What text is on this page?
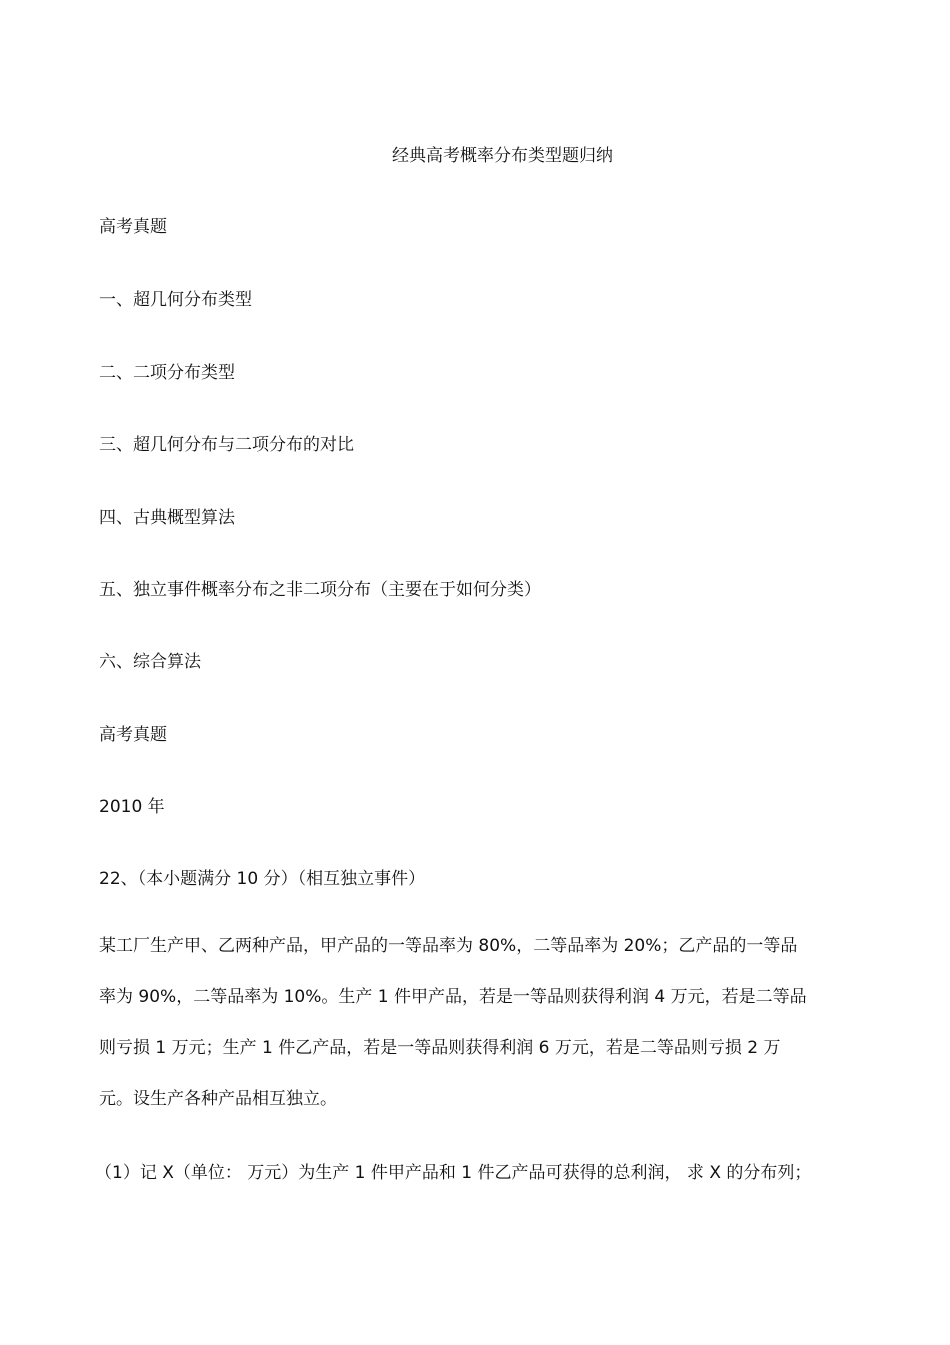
经典高考概率分布类型题归纳

高考真题

一、超几何分布类型

二、二项分布类型

三、超几何分布与二项分布的对比

四、古典概型算法

五、独立事件概率分布之非二项分布（主要在于如何分类）

六、综合算法

高考真题

2010 年

22、（本小题满分 10 分）（相互独立事件）

某工厂生产甲、乙两种产品，甲产品的一等品率为 80%，二等品率为 20%；乙产品的一等品
率为 90%，二等品率为 10%。生产 1 件甲产品，若是一等品则获得利润 4 万元，若是二等品
则亏损 1 万元；生产 1 件乙产品，若是一等品则获得利润 6 万元，若是二等品则亏损 2 万
元。设生产各种产品相互独立。

（1）记 X（单位： 万元）为生产 1 件甲产品和 1 件乙产品可获得的总利润， 求 X 的分布列；
